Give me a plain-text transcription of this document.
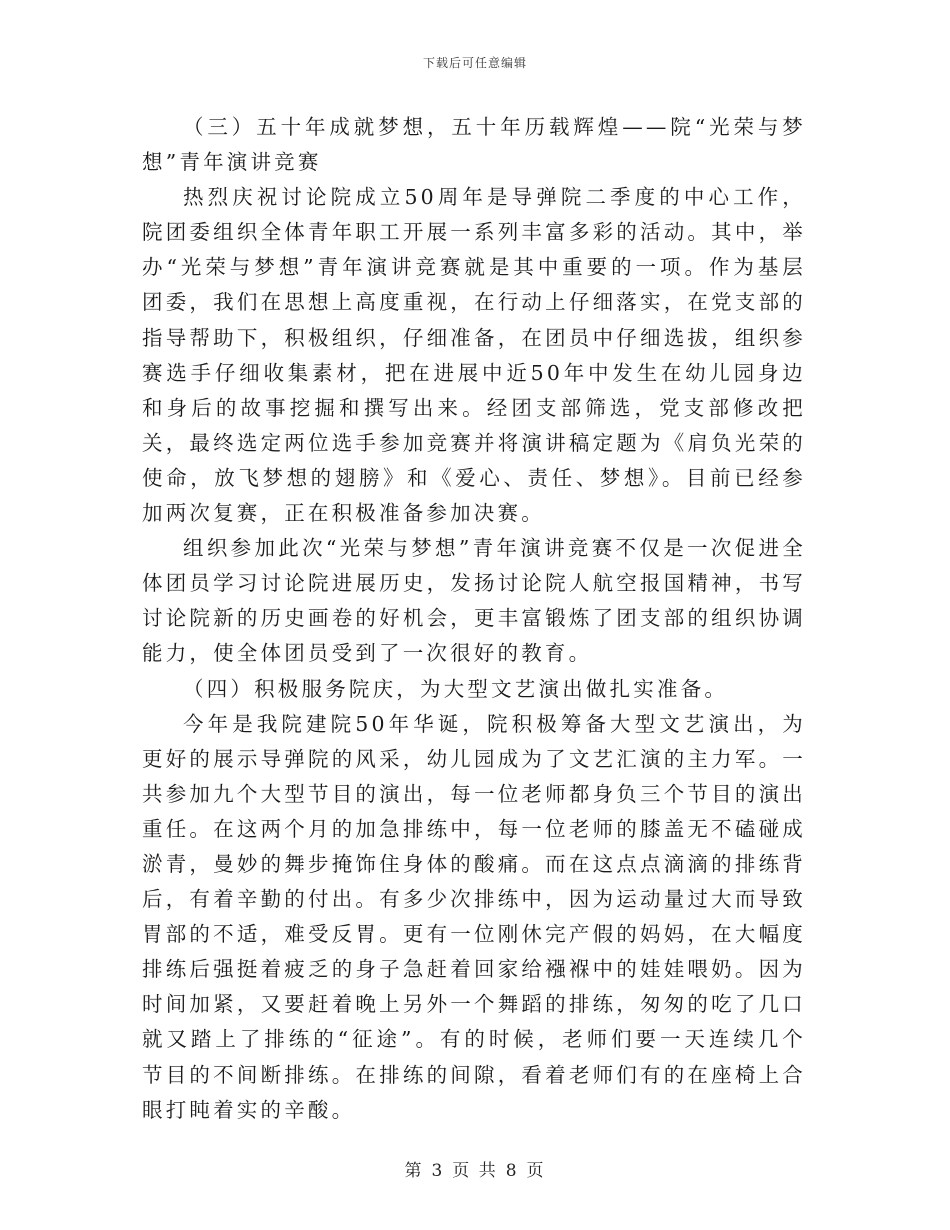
下载后可任意编辑

（三）五十年成就梦想，五十年历载辉煌——院“光荣与梦想”青年演讲竞赛

热烈庆祝讨论院成立50周年是导弹院二季度的中心工作，院团委组织全体青年职工开展一系列丰富多彩的活动。其中，举办“光荣与梦想”青年演讲竞赛就是其中重要的一项。作为基层团委，我们在思想上高度重视，在行动上仔细落实，在党支部的指导帮助下，积极组织，仔细准备，在团员中仔细选拔，组织参赛选手仔细收集素材，把在进展中近50年中发生在幼儿园身边和身后的故事挖掘和撰写出来。经团支部筛选，党支部修改把关，最终选定两位选手参加竞赛并将演讲稿定题为《肩负光荣的使命，放飞梦想的翅膀》和《爱心、责任、梦想》。目前已经参加两次复赛，正在积极准备参加决赛。

组织参加此次“光荣与梦想”青年演讲竞赛不仅是一次促进全体团员学习讨论院进展历史，发扬讨论院人航空报国精神，书写讨论院新的历史画卷的好机会，更丰富锻炼了团支部的组织协调能力，使全体团员受到了一次很好的教育。

（四）积极服务院庆，为大型文艺演出做扎实准备。

今年是我院建院50年华诞，院积极筹备大型文艺演出，为更好的展示导弹院的风采，幼儿园成为了文艺汇演的主力军。一共参加九个大型节目的演出，每一位老师都身负三个节目的演出重任。在这两个月的加急排练中，每一位老师的膝盖无不磕碰成淤青，曼妙的舞步掩饰住身体的酸痛。而在这点点滴滴的排练背后，有着辛勤的付出。有多少次排练中，因为运动量过大而导致胃部的不适，难受反胃。更有一位刚休完产假的妈妈，在大幅度排练后强挺着疲乏的身子急赶着回家给襁褓中的娃娃喂奶。因为时间加紧，又要赶着晚上另外一个舞蹈的排练，匆匆的吃了几口就又踏上了排练的“征途”。有的时候，老师们要一天连续几个节目的不间断排练。在排练的间隙，看着老师们有的在座椅上合眼打盹着实的辛酸。

第 3 页 共 8 页
